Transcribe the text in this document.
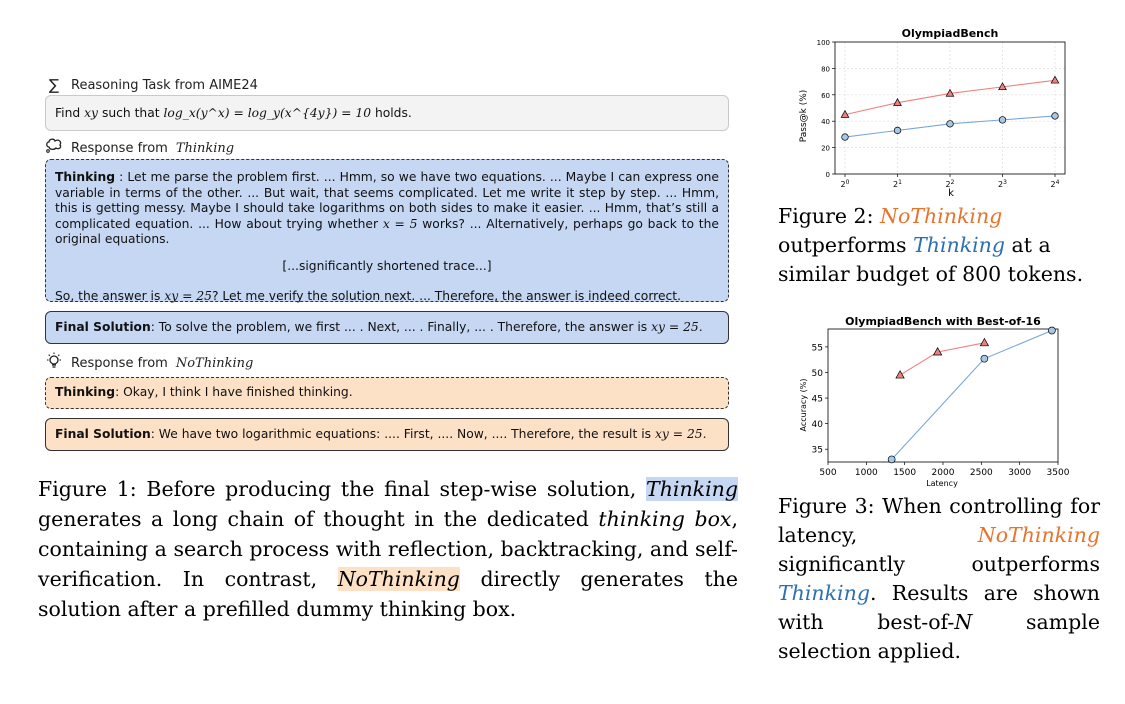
∑ Reasoning Task from AIME24
Find xy such that log_x(y^x) = log_y(x^{4y}) = 10 holds.
Response from Thinking
Thinking : Let me parse the problem first. ... Hmm, so we have two equations. ... Maybe I can express one variable in terms of the other. ... But wait, that seems complicated. Let me write it step by step. ... Hmm, this is getting messy. Maybe I should take logarithms on both sides to make it easier. ... Hmm, that’s still a complicated equation. ... How about trying whether x = 5 works? ... Alternatively, perhaps go back to the original equations.
[...significantly shortened trace...]
So, the answer is xy = 25? Let me verify the solution next. ... Therefore, the answer is indeed correct.
Final Solution: To solve the problem, we first ... . Next, ... . Finally, ... . Therefore, the answer is xy = 25.
Response from NoThinking
Thinking: Okay, I think I have finished thinking.
Final Solution: We have two logarithmic equations: .... First, .... Now, .... Therefore, the result is xy = 25.
Figure 1: Before producing the final step-wise solution, Thinking generates a long chain of thought in the dedicated thinking box, containing a search process with reflection, backtracking, and self-verification. In contrast, NoThinking directly generates the solution after a prefilled dummy thinking box.
OlympiadBench
Pass@k (%)
k
0
20
40
60
80
100
$2^0$	$2^1$	$2^2$	$2^3$	$2^4$
Figure 2: NoThinking outperforms Thinking at a similar budget of 800 tokens.
OlympiadBench with Best-of-16
Accuracy (%)
Latency
35
40
45
50
55
500 1000 1500 2000 2500 3000 3500
Figure 3: When controlling for latency,	NoThinking significantly outperforms Thinking. Results are shown with best-of-N	sample selection applied.
